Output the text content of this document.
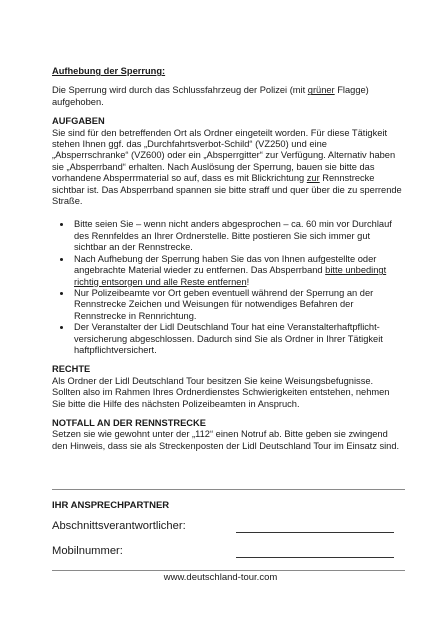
Aufhebung der Sperrung:

Die Sperrung wird durch das Schlussfahrzeug der Polizei (mit grüner Flagge) aufgehoben.

AUFGABEN

Sie sind für den betreffenden Ort als Ordner eingeteilt worden. Für diese Tätigkeit stehen Ihnen ggf. das „Durchfahrtsverbot-Schild“ (VZ250) und eine „Absperrschranke“ (VZ600) oder ein „Absperrgitter“ zur Verfügung. Alternativ haben sie „Absperrband“ erhalten. Nach Auslösung der Sperrung, bauen sie bitte das vorhandene Absperrmaterial so auf, dass es mit Blickrichtung zur Rennstrecke sichtbar ist. Das Absperrband spannen sie bitte straff und quer über die zu sperrende Straße.

Bitte seien Sie – wenn nicht anders abgesprochen – ca. 60 min vor Durchlauf des Rennfeldes an Ihrer Ordnerstelle. Bitte postieren Sie sich immer gut sichtbar an der Rennstrecke.
Nach Aufhebung der Sperrung haben Sie das von Ihnen aufgestellte oder angebrachte Material wieder zu entfernen. Das Absperrband bitte unbedingt richtig entsorgen und alle Reste entfernen!
Nur Polizeibeamte vor Ort geben eventuell während der Sperrung an der Rennstrecke Zeichen und Weisungen für notwendiges Befahren der Rennstrecke in Rennrichtung.
Der Veranstalter der Lidl Deutschland Tour hat eine Veranstalterhaftpflicht-versicherung abgeschlossen. Dadurch sind Sie als Ordner in Ihrer Tätigkeit haftpflichtversichert.

RECHTE

Als Ordner der Lidl Deutschland Tour besitzen Sie keine Weisungsbefugnisse. Sollten also im Rahmen Ihres Ordnerdienstes Schwierigkeiten entstehen, nehmen Sie bitte die Hilfe des nächsten Polizeibeamten in Anspruch.

NOTFALL AN DER RENNSTRECKE

Setzen sie wie gewohnt unter der „112“ einen Notruf ab. Bitte geben sie zwingend den Hinweis, dass sie als Streckenposten der Lidl Deutschland Tour im Einsatz sind.

IHR ANSPRECHPARTNER
Abschnittsverantwortlicher:
Mobilnummer:
www.deutschland-tour.com
